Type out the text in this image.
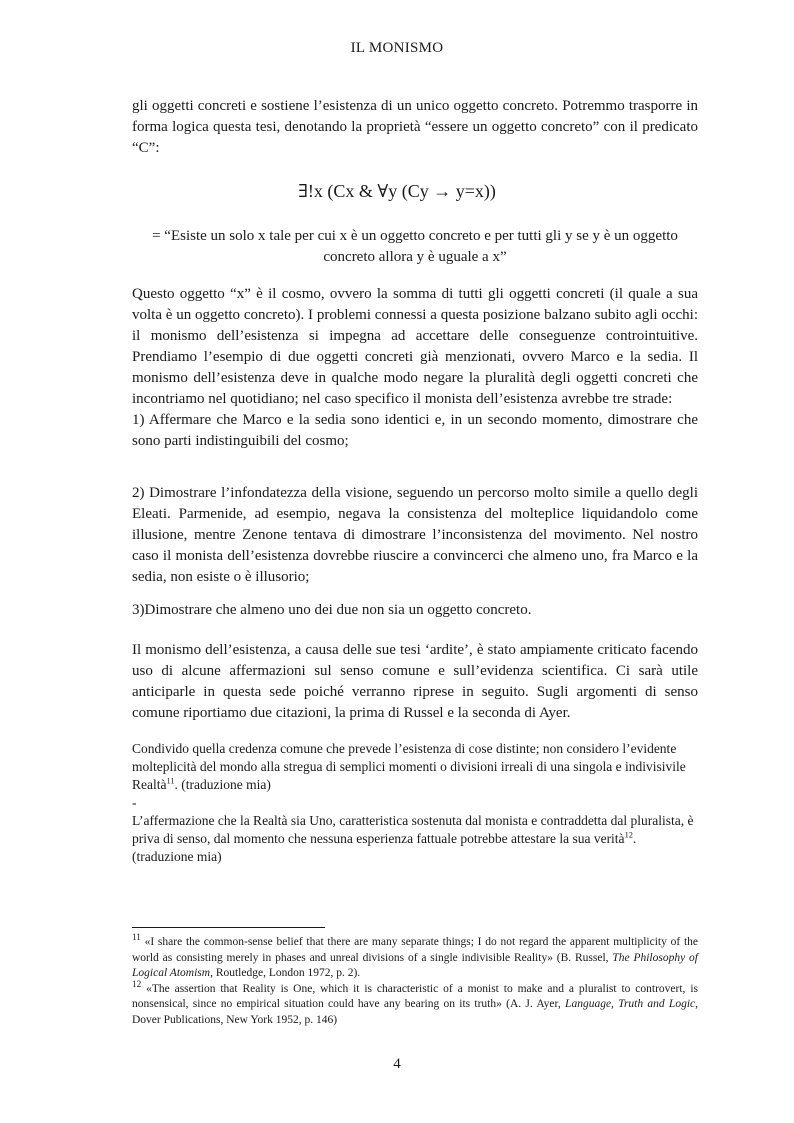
IL MONISMO

gli oggetti concreti e sostiene l’esistenza di un unico oggetto concreto. Potremmo trasporre in forma logica questa tesi, denotando la proprietà “essere un oggetto concreto” con il predicato “C”:

∃!x (Cx & ∀y (Cy → y=x))

= “Esiste un solo x tale per cui x è un oggetto concreto e per tutti gli y se y è un oggetto concreto allora y è uguale a x”

Questo oggetto “x” è il cosmo, ovvero la somma di tutti gli oggetti concreti (il quale a sua volta è un oggetto concreto). I problemi connessi a questa posizione balzano subito agli occhi: il monismo dell’esistenza si impegna ad accettare delle conseguenze controintuitive. Prendiamo l’esempio di due oggetti concreti già menzionati, ovvero Marco e la sedia. Il monismo dell’esistenza deve in qualche modo negare la pluralità degli oggetti concreti che incontriamo nel quotidiano; nel caso specifico il monista dell’esistenza avrebbe tre strade:

1) Affermare che Marco e la sedia sono identici e, in un secondo momento, dimostrare che sono parti indistinguibili del cosmo;

2) Dimostrare l’infondatezza della visione, seguendo un percorso molto simile a quello degli Eleati. Parmenide, ad esempio, negava la consistenza del molteplice liquidandolo come illusione, mentre Zenone tentava di dimostrare l’inconsistenza del movimento. Nel nostro caso il monista dell’esistenza dovrebbe riuscire a convincerci che almeno uno, fra Marco e la sedia, non esiste o è illusorio;

3)Dimostrare che almeno uno dei due non sia un oggetto concreto.

Il monismo dell’esistenza, a causa delle sue tesi ‘ardite’, è stato ampiamente criticato facendo uso di alcune affermazioni sul senso comune e sull’evidenza scientifica. Ci sarà utile anticiparle in questa sede poiché verranno riprese in seguito. Sugli argomenti di senso comune riportiamo due citazioni, la prima di Russel e la seconda di Ayer.

Condivido quella credenza comune che prevede l’esistenza di cose distinte; non considero l’evidente molteplicità del mondo alla stregua di semplici momenti o divisioni irreali di una singola e indivisivile Realtà$^{11}$. (traduzione mia)

-

L’affermazione che la Realtà sia Uno, caratteristica sostenuta dal monista e contraddetta dal pluralista, è priva di senso, dal momento che nessuna esperienza fattuale potrebbe attestare la sua verità$^{12}$. (traduzione mia)

$^{11}$ «I share the common-sense belief that there are many separate things; I do not regard the apparent multiplicity of the world as consisting merely in phases and unreal divisions of a single indivisible Reality» (B. Russel, The Philosophy of Logical Atomism, Routledge, London 1972, p. 2).

$^{12}$ «The assertion that Reality is One, which it is characteristic of a monist to make and a pluralist to controvert, is nonsensical, since no empirical situation could have any bearing on its truth» (A. J. Ayer, Language, Truth and Logic, Dover Publications, New York 1952, p. 146)

4
